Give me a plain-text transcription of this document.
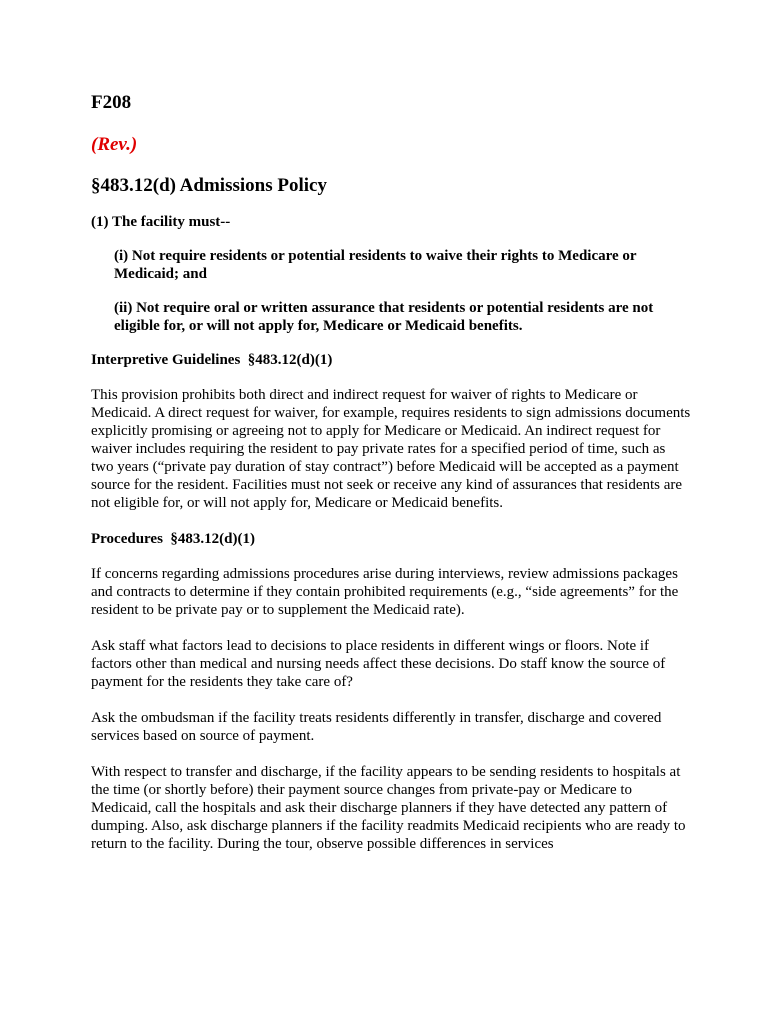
F208
(Rev.)
§483.12(d) Admissions Policy
(1) The facility must--
(i) Not require residents or potential residents to waive their rights to Medicare or Medicaid; and
(ii) Not require oral or written assurance that residents or potential residents are not eligible for, or will not apply for, Medicare or Medicaid benefits.
Interpretive Guidelines  §483.12(d)(1)
This provision prohibits both direct and indirect request for waiver of rights to Medicare or Medicaid. A direct request for waiver, for example, requires residents to sign admissions documents explicitly promising or agreeing not to apply for Medicare or Medicaid. An indirect request for waiver includes requiring the resident to pay private rates for a specified period of time, such as two years (“private pay duration of stay contract”) before Medicaid will be accepted as a payment source for the resident. Facilities must not seek or receive any kind of assurances that residents are not eligible for, or will not apply for, Medicare or Medicaid benefits.
Procedures  §483.12(d)(1)
If concerns regarding admissions procedures arise during interviews, review admissions packages and contracts to determine if they contain prohibited requirements (e.g., “side agreements” for the resident to be private pay or to supplement the Medicaid rate).
Ask staff what factors lead to decisions to place residents in different wings or floors. Note if factors other than medical and nursing needs affect these decisions. Do staff know the source of payment for the residents they take care of?
Ask the ombudsman if the facility treats residents differently in transfer, discharge and covered services based on source of payment.
With respect to transfer and discharge, if the facility appears to be sending residents to hospitals at the time (or shortly before) their payment source changes from private-pay or Medicare to Medicaid, call the hospitals and ask their discharge planners if they have detected any pattern of dumping. Also, ask discharge planners if the facility readmits Medicaid recipients who are ready to return to the facility. During the tour, observe possible differences in services
